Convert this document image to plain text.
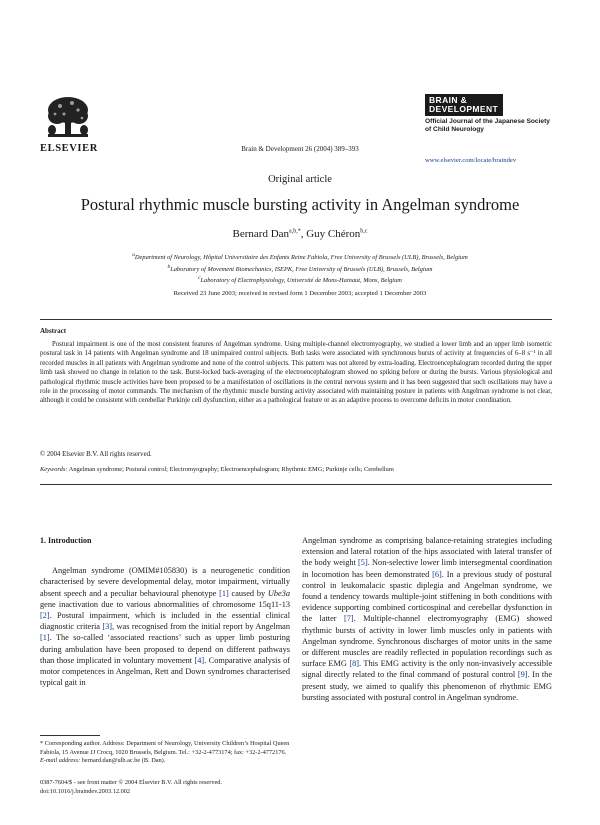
ELSEVIER	Brain & Development 26 (2004) 389–393
BRAIN & DEVELOPMENT
Official Journal of the Japanese Society of Child Neurology
www.elsevier.com/locate/braindev
Original article
Postural rhythmic muscle bursting activity in Angelman syndrome
Bernard Dan$^{a,b,*}$, Guy Chéron$^{b,c}$
$^a$Department of Neurology, Hôpital Universitaire des Enfants Reine Fabiola, Free University of Brussels (ULB), Brussels, Belgium
$^b$Laboratory of Movement Biomechanics, ISEPK, Free University of Brussels (ULB), Brussels, Belgium
$^c$Laboratory of Electrophysiology, Université de Mons-Hainaut, Mons, Belgium
Received 23 June 2003; received in revised form 1 December 2003; accepted 1 December 2003
Abstract

Postural impairment is one of the most consistent features of Angelman syndrome. Using multiple-channel electromyography, we studied a lower limb and an upper limb isometric postural task in 14 patients with Angelman syndrome and 18 unimpaired control subjects. Both tasks were associated with synchronous bursts of activity at frequencies of 6–8 s⁻¹ in all recorded muscles in all patients with Angelman syndrome and none of the control subjects. This pattern was not altered by extra-loading. Electroencephalogram recorded during the upper limb task showed no change in relation to the task. Burst-locked back-averaging of the electroencephalogram showed no spiking before or during the bursts. Various physiological and pathological rhythmic muscle activities have been proposed to be a manifestation of oscillations in the central nervous system and it has been suggested that such oscillations may have a role in the processing of motor commands. The mechanism of the rhythmic muscle bursting activity associated with maintaining posture in patients with Angelman syndrome is not clear, although it could be consistent with cerebellar Purkinje cell dysfunction, either as a pathological feature or as an adaptive process to overcome deficits in motor coordination.

© 2004 Elsevier B.V. All rights reserved.
Keywords: Angelman syndrome; Postural control; Electromyography; Electroencephalogram; Rhythmic EMG; Purkinje cells; Cerebellum

1. Introduction

Angelman syndrome (OMIM#105830) is a neurogenetic condition characterised by severe developmental delay, motor impairment, virtually absent speech and a peculiar behavioural phenotype [1] caused by Ube3a gene inactivation due to various abnormalities of chromosome 15q11-13 [2]. Postural impairment, which is included in the essential clinical diagnostic criteria [3], was recognised from the initial report by Angelman [1]. The so-called ‘associated reactions’ such as upper limb posturing during ambulation have been proposed to depend on different pathways than those implicated in voluntary movement [4]. Comparative analysis of motor competences in Angelman, Rett and Down syndromes characterised typical gait in

Angelman syndrome as comprising balance-retaining strategies including extension and lateral rotation of the hips associated with lateral transfer of the body weight [5]. Non-selective lower limb intersegmental coordination in locomotion has been demonstrated [6]. In a previous study of postural control in leukomalacic spastic diplegia and Angelman syndrome, we found a tendency towards multiple-joint stiffening in both conditions with evidence supporting combined corticospinal and cerebellar dysfunction in the latter [7]. Multiple-channel electromyography (EMG) showed rhythmic bursts of activity in lower limb muscles only in patients with Angelman syndrome. Synchronous discharges of motor units in the same or different muscles are readily reflected in population recordings such as surface EMG [8]. This EMG activity is the only non-invasively accessible signal directly related to the final command of postural control [9]. In the present study, we aimed to qualify this phenomenon of rhythmic EMG bursting associated with postural control in Angelman syndrome.

* Corresponding author. Address: Department of Neurology, University Children’s Hospital Queen Fabiola, 15 Avenue JJ Crocq, 1020 Brussels, Belgium. Tel.: +32-2-4773174; fax: +32-2-4772176.

E-mail address: bernard.dan@ulb.ac.be (B. Dan).

0387-7604/$ - see front matter © 2004 Elsevier B.V. All rights reserved.

doi:10.1016/j.braindev.2003.12.002
